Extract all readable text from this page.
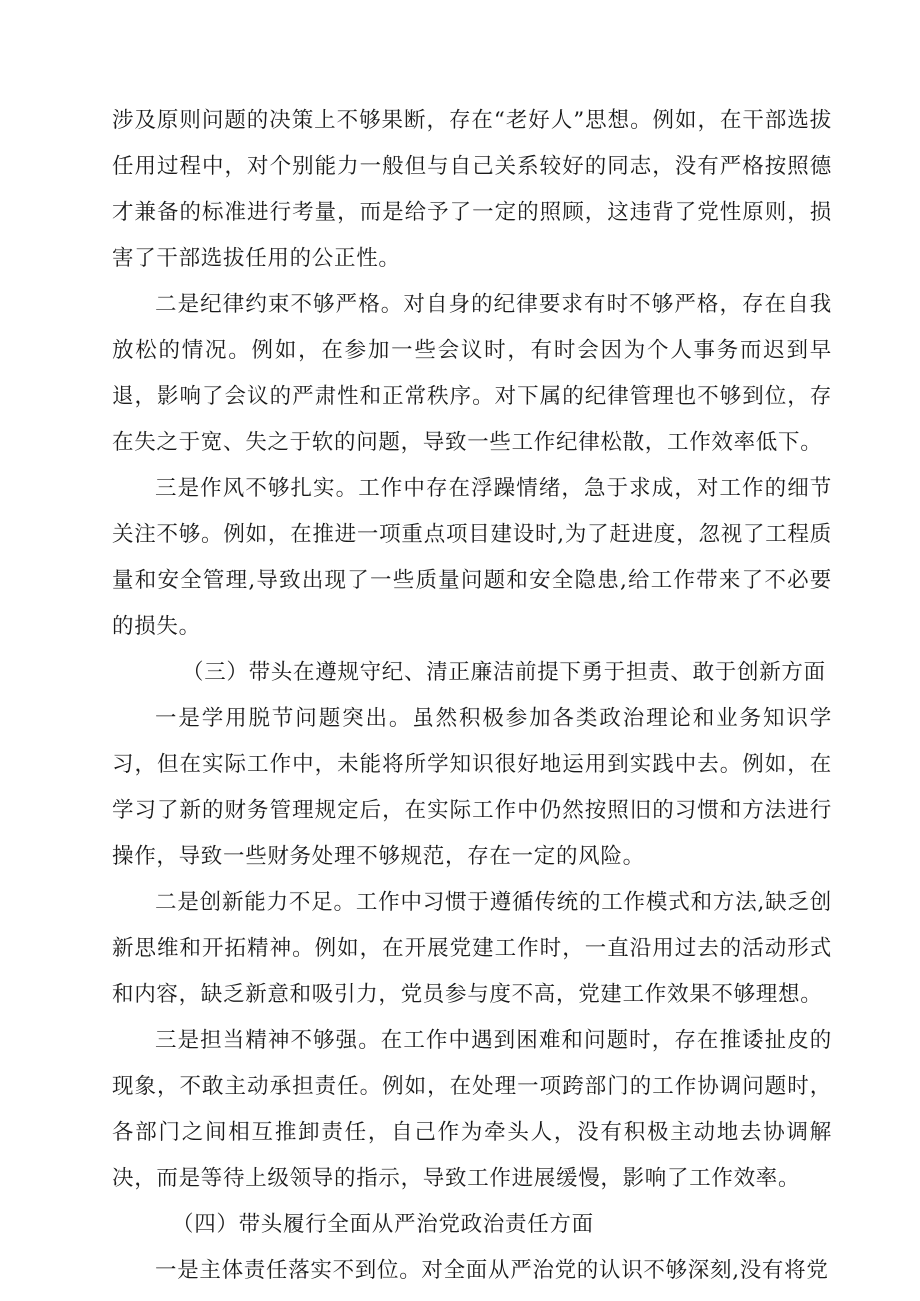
涉及原则问题的决策上不够果断，存在“老好人”思想。例如，在干部选拔任用过程中，对个别能力一般但与自己关系较好的同志，没有严格按照德才兼备的标准进行考量，而是给予了一定的照顾，这违背了党性原则，损害了干部选拔任用的公正性。

二是纪律约束不够严格。对自身的纪律要求有时不够严格，存在自我放松的情况。例如，在参加一些会议时，有时会因为个人事务而迟到早退，影响了会议的严肃性和正常秩序。对下属的纪律管理也不够到位，存在失之于宽、失之于软的问题，导致一些工作纪律松散，工作效率低下。

三是作风不够扎实。工作中存在浮躁情绪，急于求成，对工作的细节关注不够。例如，在推进一项重点项目建设时,为了赶进度，忽视了工程质量和安全管理,导致出现了一些质量问题和安全隐患,给工作带来了不必要的损失。

（三）带头在遵规守纪、清正廉洁前提下勇于担责、敢于创新方面

一是学用脱节问题突出。虽然积极参加各类政治理论和业务知识学习，但在实际工作中，未能将所学知识很好地运用到实践中去。例如，在学习了新的财务管理规定后，在实际工作中仍然按照旧的习惯和方法进行操作，导致一些财务处理不够规范，存在一定的风险。

二是创新能力不足。工作中习惯于遵循传统的工作模式和方法,缺乏创新思维和开拓精神。例如，在开展党建工作时，一直沿用过去的活动形式和内容，缺乏新意和吸引力，党员参与度不高，党建工作效果不够理想。

三是担当精神不够强。在工作中遇到困难和问题时，存在推诿扯皮的现象，不敢主动承担责任。例如，在处理一项跨部门的工作协调问题时，各部门之间相互推卸责任，自己作为牵头人，没有积极主动地去协调解决，而是等待上级领导的指示，导致工作进展缓慢，影响了工作效率。

（四）带头履行全面从严治党政治责任方面

一是主体责任落实不到位。对全面从严治党的认识不够深刻,没有将党
